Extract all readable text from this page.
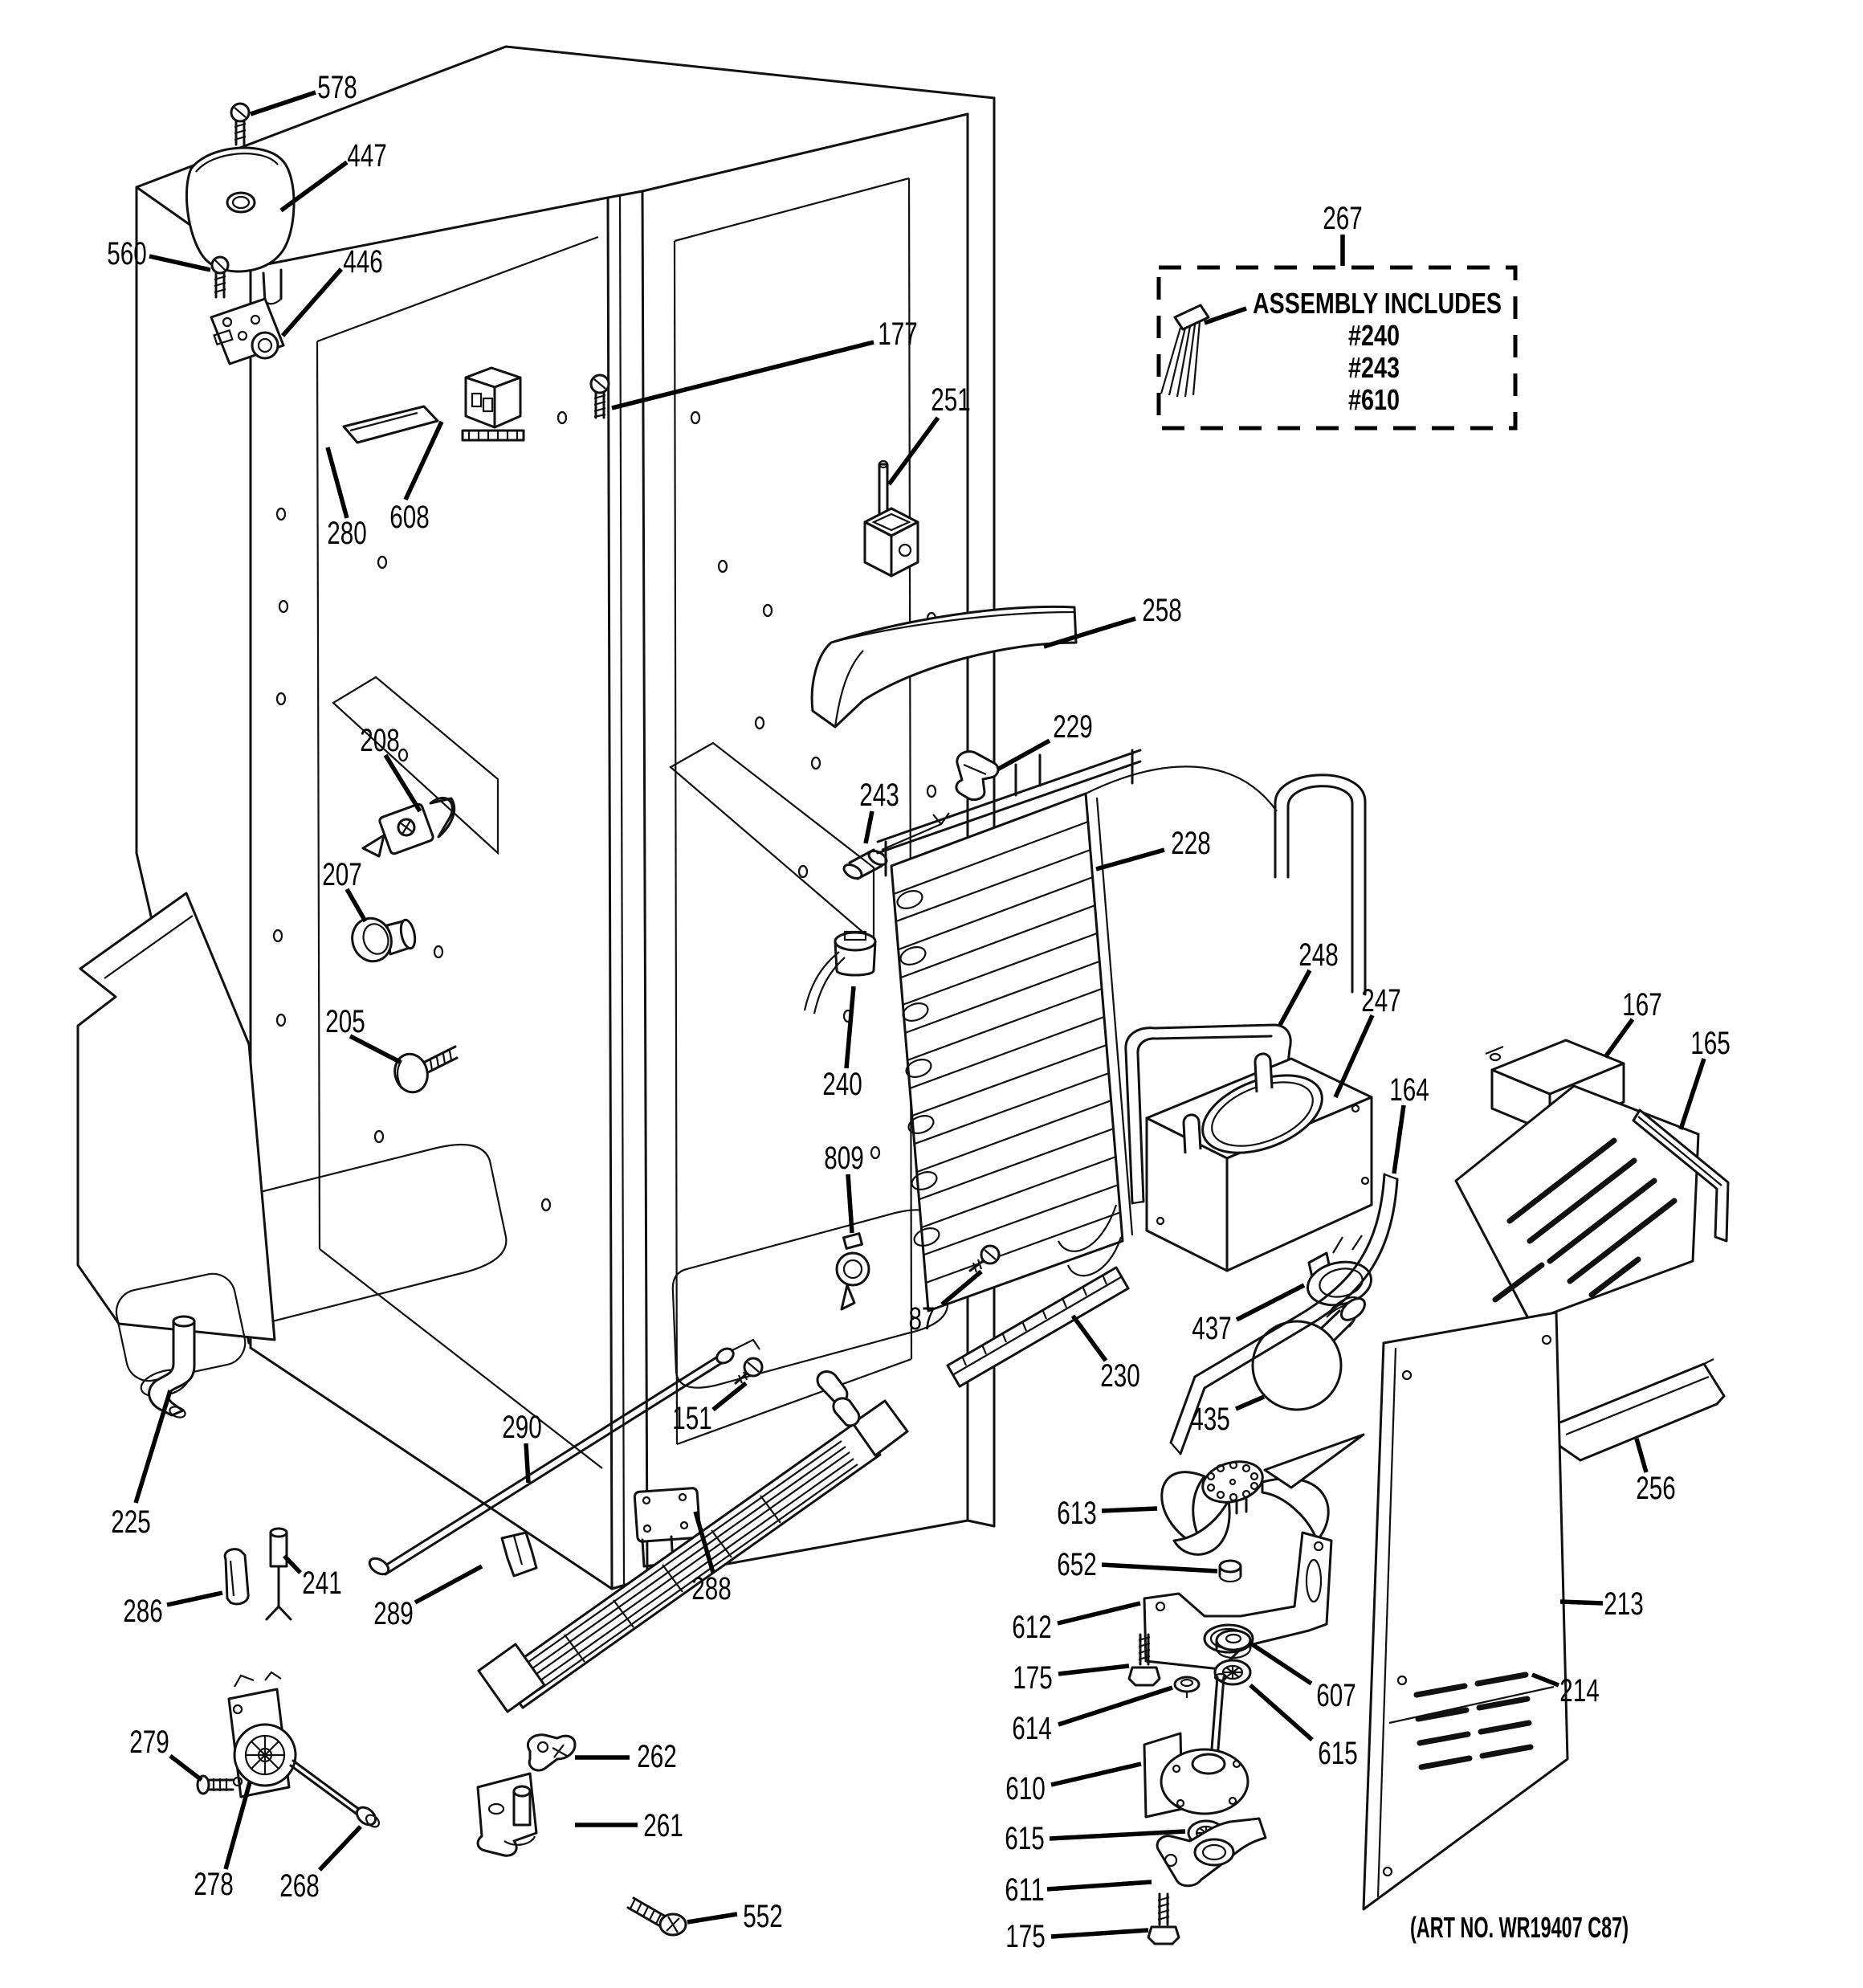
ASSEMBLY INCLUDES
#240
#243
#610
578
447
560	446
280 608
208
207
205
177
251
258
229
243
228
240
809
87
230
151
290
288
437
435
248
247
164
167
165
256
213
214
613
652
612
175	607
614
615
610
615
611
175
225
286
241
289
279
278 268
262
261
552
267
(ART NO. WR19407 C87)
